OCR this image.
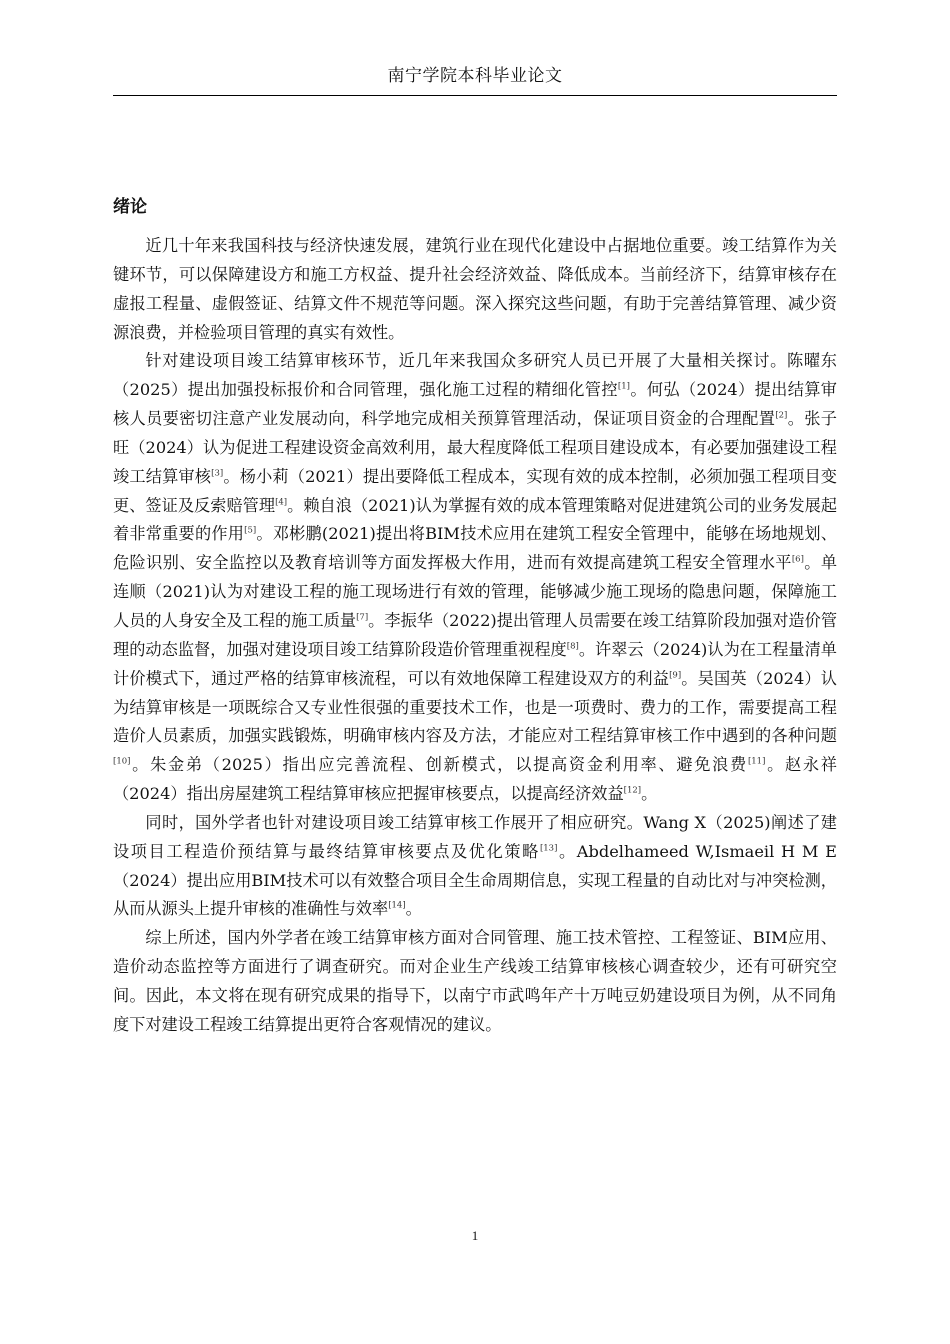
南宁学院本科毕业论文
绪论

近几十年来我国科技与经济快速发展，建筑行业在现代化建设中占据地位重要。竣工结算作为关键环节，可以保障建设方和施工方权益、提升社会经济效益、降低成本。当前经济下，结算审核存在虚报工程量、虚假签证、结算文件不规范等问题。深入探究这些问题，有助于完善结算管理、减少资源浪费，并检验项目管理的真实有效性。

针对建设项目竣工结算审核环节，近几年来我国众多研究人员已开展了大量相关探讨。陈曜东（2025）提出加强投标报价和合同管理，强化施工过程的精细化管控[1]。何弘（2024）提出结算审核人员要密切注意产业发展动向，科学地完成相关预算管理活动，保证项目资金的合理配置[2]。张子旺（2024）认为促进工程建设资金高效利用，最大程度降低工程项目建设成本，有必要加强建设工程竣工结算审核[3]。杨小莉（2021）提出要降低工程成本，实现有效的成本控制，必须加强工程项目变更、签证及反索赔管理[4]。赖自浪（2021)认为掌握有效的成本管理策略对促进建筑公司的业务发展起着非常重要的作用[5]。邓彬鹏(2021)提出将BIM技术应用在建筑工程安全管理中，能够在场地规划、危险识别、安全监控以及教育培训等方面发挥极大作用，进而有效提高建筑工程安全管理水平[6]。单连顺（2021)认为对建设工程的施工现场进行有效的管理，能够减少施工现场的隐患问题，保障施工人员的人身安全及工程的施工质量[7]。李振华（2022)提出管理人员需要在竣工结算阶段加强对造价管理的动态监督，加强对建设项目竣工结算阶段造价管理重视程度[8]。许翠云（2024)认为在工程量清单计价模式下，通过严格的结算审核流程，可以有效地保障工程建设双方的利益[9]。吴国英（2024）认为结算审核是一项既综合又专业性很强的重要技术工作，也是一项费时、费力的工作，需要提高工程造价人员素质，加强实践锻炼，明确审核内容及方法，才能应对工程结算审核工作中遇到的各种问题[10]。朱金弟（2025）指出应完善流程、创新模式，以提高资金利用率、避免浪费[11]。赵永祥（2024）指出房屋建筑工程结算审核应把握审核要点，以提高经济效益[12]。

同时，国外学者也针对建设项目竣工结算审核工作展开了相应研究。Wang X（2025)阐述了建设项目工程造价预结算与最终结算审核要点及优化策略[13]。Abdelhameed W,Ismaeil H M E（2024）提出应用BIM技术可以有效整合项目全生命周期信息，实现工程量的自动比对与冲突检测，从而从源头上提升审核的准确性与效率[14]。

综上所述，国内外学者在竣工结算审核方面对合同管理、施工技术管控、工程签证、BIM应用、造价动态监控等方面进行了调查研究。而对企业生产线竣工结算审核核心调查较少，还有可研究空间。因此，本文将在现有研究成果的指导下，以南宁市武鸣年产十万吨豆奶建设项目为例，从不同角度下对建设工程竣工结算提出更符合客观情况的建议。

1
